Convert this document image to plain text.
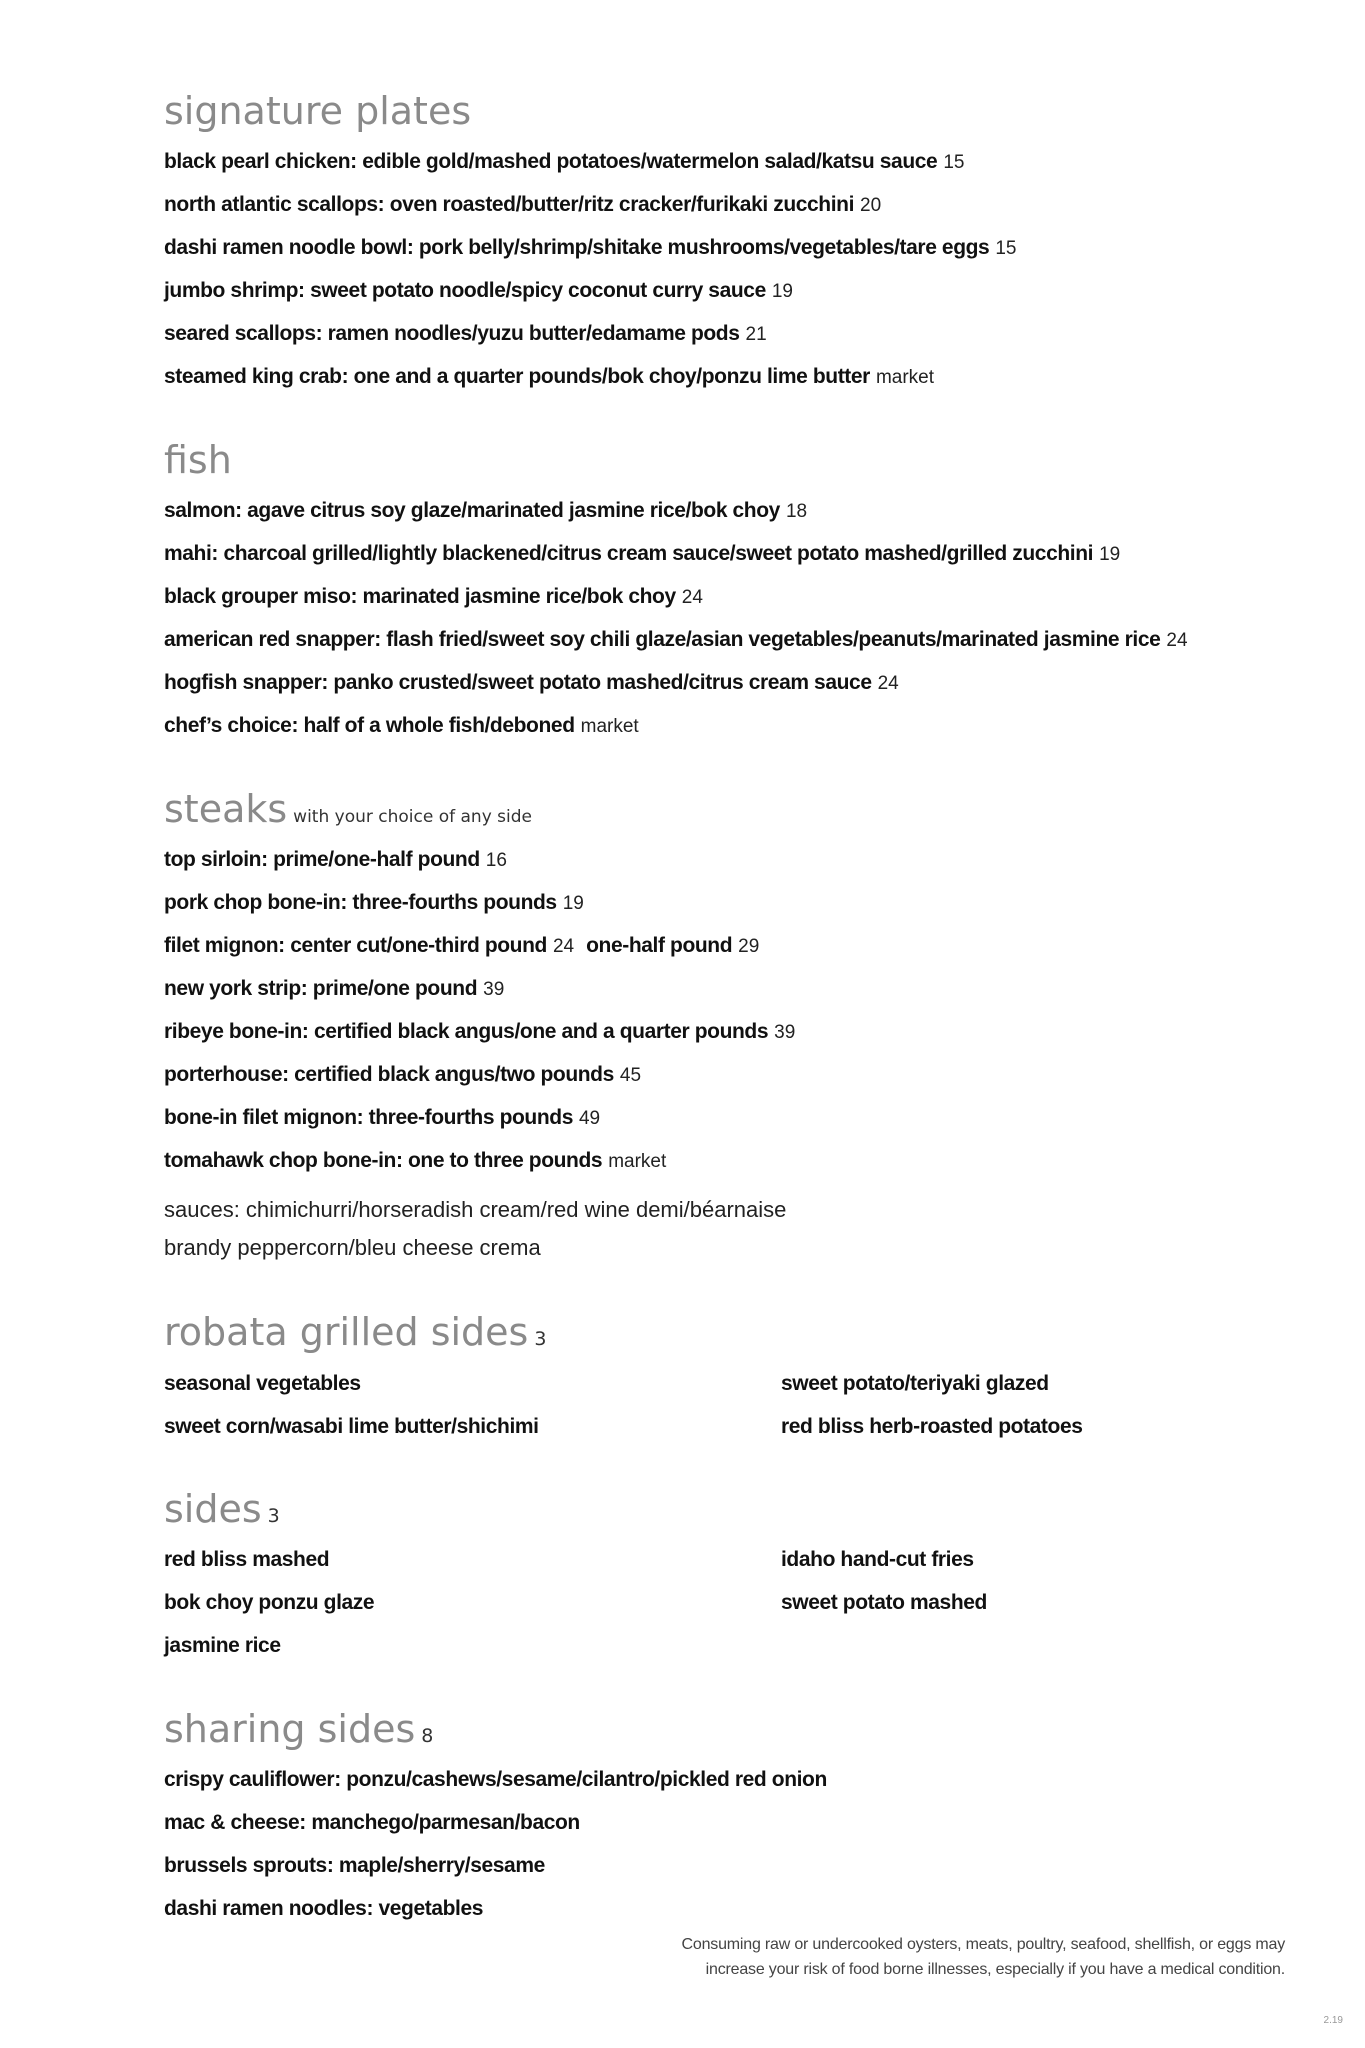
signature plates

black pearl chicken: edible gold/mashed potatoes/watermelon salad/katsu sauce 15

north atlantic scallops: oven roasted/butter/ritz cracker/furikaki zucchini 20

dashi ramen noodle bowl: pork belly/shrimp/shitake mushrooms/vegetables/tare eggs 15

jumbo shrimp: sweet potato noodle/spicy coconut curry sauce 19

seared scallops: ramen noodles/yuzu butter/edamame pods 21

steamed king crab: one and a quarter pounds/bok choy/ponzu lime butter market

fish

salmon: agave citrus soy glaze/marinated jasmine rice/bok choy 18

mahi: charcoal grilled/lightly blackened/citrus cream sauce/sweet potato mashed/grilled zucchini 19

black grouper miso: marinated jasmine rice/bok choy 24

american red snapper: flash fried/sweet soy chili glaze/asian vegetables/peanuts/marinated jasmine rice 24

hogfish snapper: panko crusted/sweet potato mashed/citrus cream sauce 24

chef’s choice: half of a whole fish/deboned market

steaks with your choice of any side

top sirloin: prime/one-half pound 16

pork chop bone-in: three-fourths pounds 19

filet mignon: center cut/one-third pound 24 one-half pound 29

new york strip: prime/one pound 39

ribeye bone-in: certified black angus/one and a quarter pounds 39

porterhouse: certified black angus/two pounds 45

bone-in filet mignon: three-fourths pounds 49

tomahawk chop bone-in: one to three pounds market

sauces: chimichurri/horseradish cream/red wine demi/béarnaise

brandy peppercorn/bleu cheese crema

robata grilled sides 3

seasonal vegetables

sweet corn/wasabi lime butter/shichimi

sweet potato/teriyaki glazed

red bliss herb-roasted potatoes

sides 3

red bliss mashed

bok choy ponzu glaze

jasmine rice

idaho hand-cut fries

sweet potato mashed

sharing sides 8

crispy cauliflower: ponzu/cashews/sesame/cilantro/pickled red onion

mac & cheese: manchego/parmesan/bacon

brussels sprouts: maple/sherry/sesame

dashi ramen noodles: vegetables

Consuming raw or undercooked oysters, meats, poultry, seafood, shellfish, or eggs may
increase your risk of food borne illnesses, especially if you have a medical condition.
2.19
